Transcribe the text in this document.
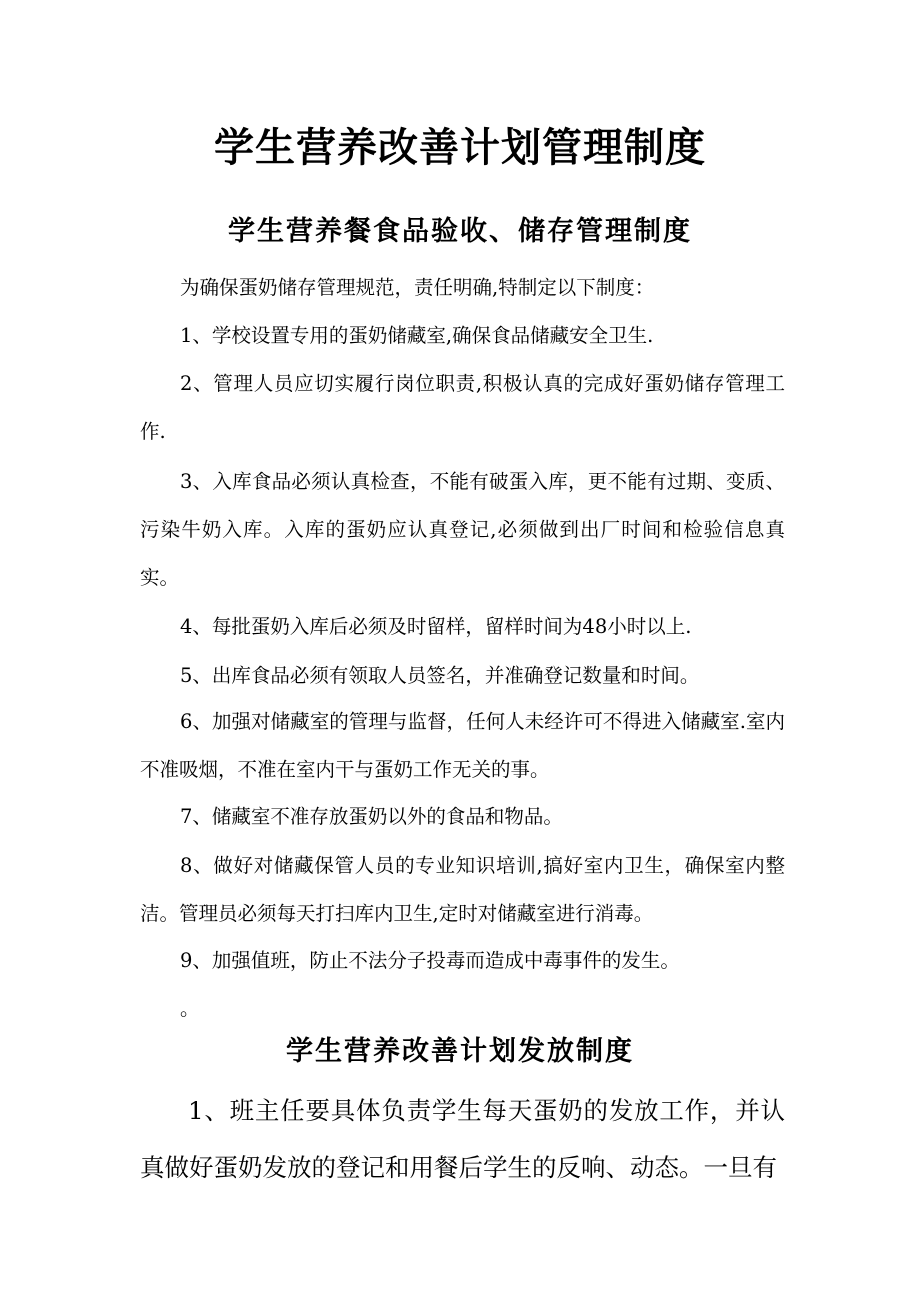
学生营养改善计划管理制度
学生营养餐食品验收、储存管理制度

为确保蛋奶储存管理规范，责任明确,特制定以下制度：

1、学校设置专用的蛋奶储藏室,确保食品储藏安全卫生.

2、管理人员应切实履行岗位职责,积极认真的完成好蛋奶储存管理工作.

3、入库食品必须认真检查，不能有破蛋入库，更不能有过期、变质、污染牛奶入库。入库的蛋奶应认真登记,必须做到出厂时间和检验信息真实。

4、每批蛋奶入库后必须及时留样，留样时间为48小时以上.

5、出库食品必须有领取人员签名，并准确登记数量和时间。

6、加强对储藏室的管理与监督，任何人未经许可不得进入储藏室.室内不准吸烟，不准在室内干与蛋奶工作无关的事。

7、储藏室不准存放蛋奶以外的食品和物品。

8、做好对储藏保管人员的专业知识培训,搞好室内卫生，确保室内整洁。管理员必须每天打扫库内卫生,定时对储藏室进行消毒。

9、加强值班，防止不法分子投毒而造成中毒事件的发生。

。

学生营养改善计划发放制度

1、班主任要具体负责学生每天蛋奶的发放工作，并认真做好蛋奶发放的登记和用餐后学生的反响、动态。一旦有
